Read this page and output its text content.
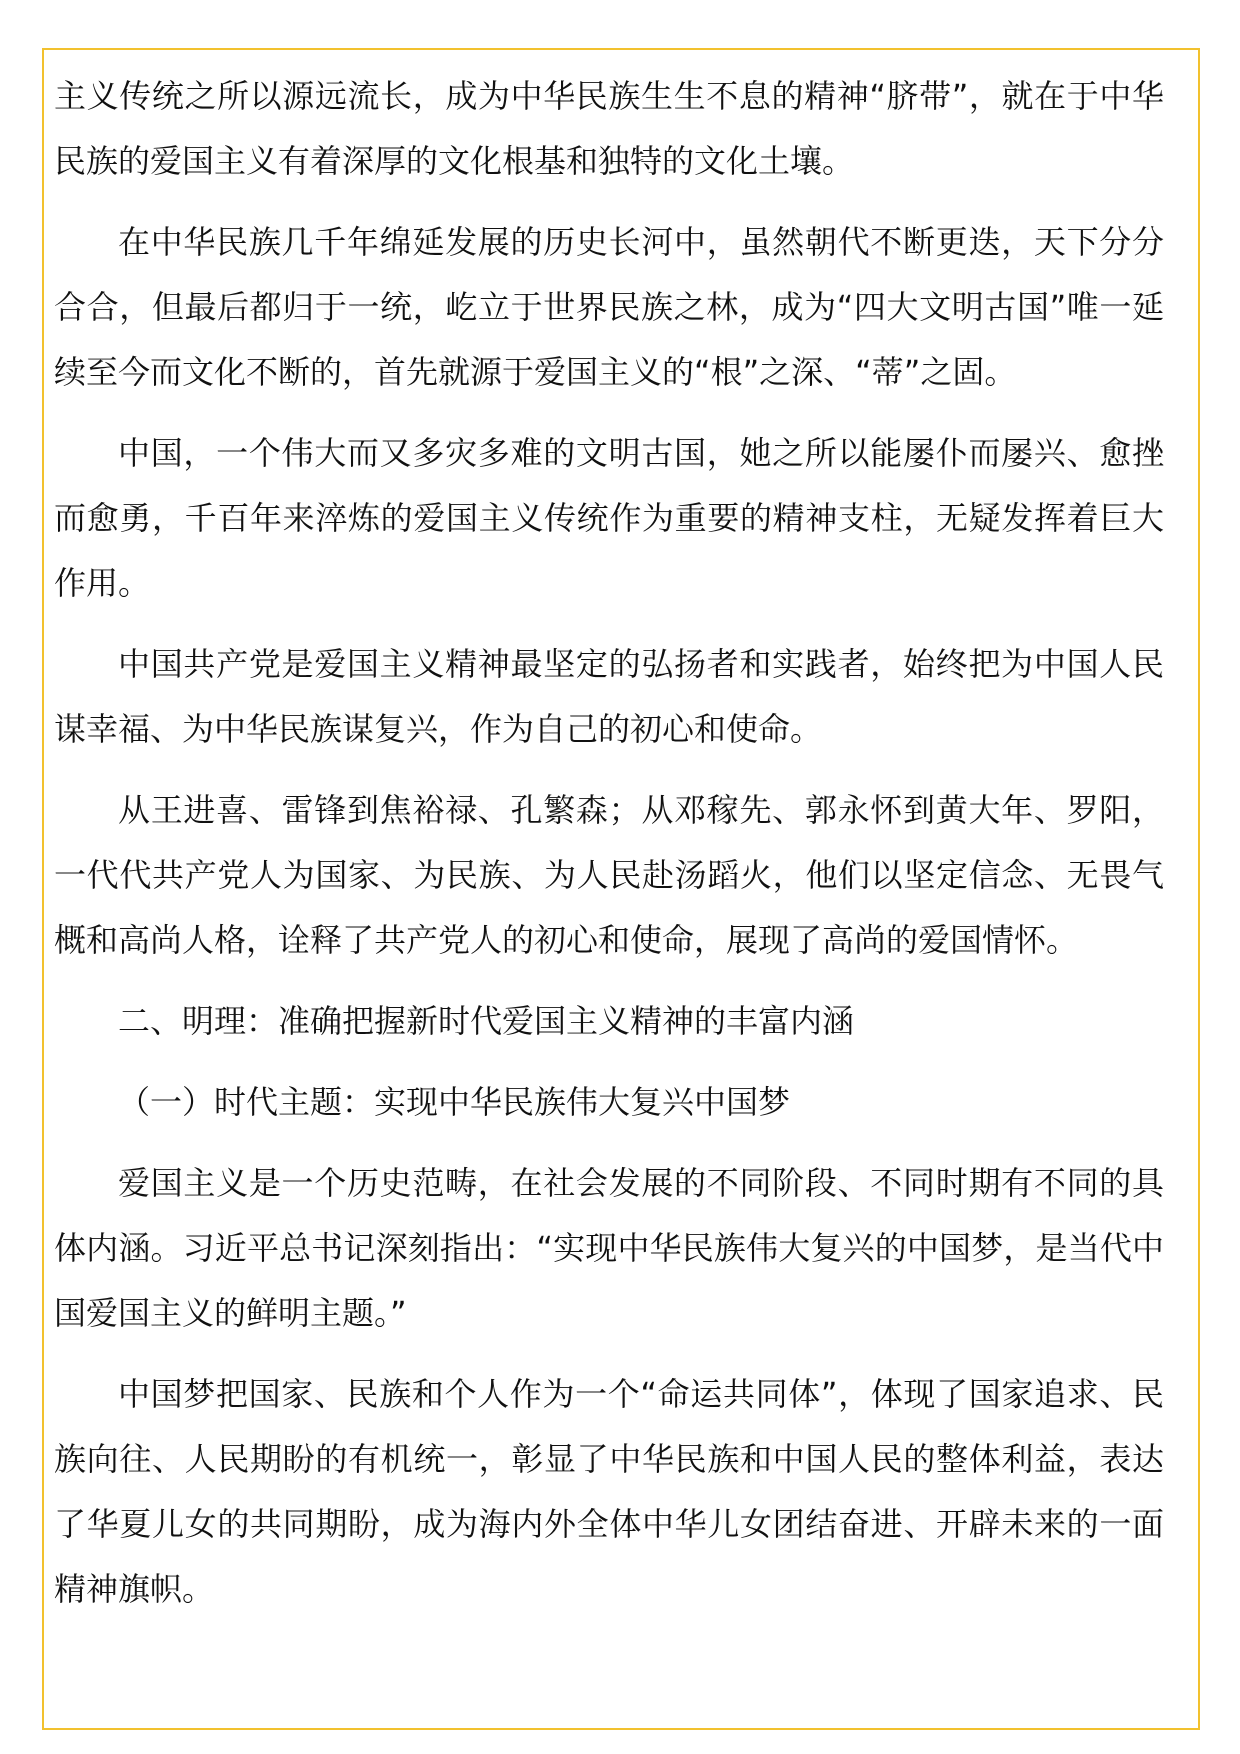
主义传统之所以源远流长，成为中华民族生生不息的精神“脐带”，就在于中华民族的爱国主义有着深厚的文化根基和独特的文化土壤。

在中华民族几千年绵延发展的历史长河中，虽然朝代不断更迭，天下分分合合，但最后都归于一统，屹立于世界民族之林，成为“四大文明古国”唯一延续至今而文化不断的，首先就源于爱国主义的“根”之深、“蒂”之固。

中国，一个伟大而又多灾多难的文明古国，她之所以能屡仆而屡兴、愈挫而愈勇，千百年来淬炼的爱国主义传统作为重要的精神支柱，无疑发挥着巨大作用。

中国共产党是爱国主义精神最坚定的弘扬者和实践者，始终把为中国人民谋幸福、为中华民族谋复兴，作为自己的初心和使命。

从王进喜、雷锋到焦裕禄、孔繁森；从邓稼先、郭永怀到黄大年、罗阳，一代代共产党人为国家、为民族、为人民赴汤蹈火，他们以坚定信念、无畏气概和高尚人格，诠释了共产党人的初心和使命，展现了高尚的爱国情怀。

二、明理：准确把握新时代爱国主义精神的丰富内涵

（一）时代主题：实现中华民族伟大复兴中国梦

爱国主义是一个历史范畴，在社会发展的不同阶段、不同时期有不同的具体内涵。习近平总书记深刻指出：“实现中华民族伟大复兴的中国梦，是当代中国爱国主义的鲜明主题。”

中国梦把国家、民族和个人作为一个“命运共同体”，体现了国家追求、民族向往、人民期盼的有机统一，彰显了中华民族和中国人民的整体利益，表达了华夏儿女的共同期盼，成为海内外全体中华儿女团结奋进、开辟未来的一面精神旗帜。
